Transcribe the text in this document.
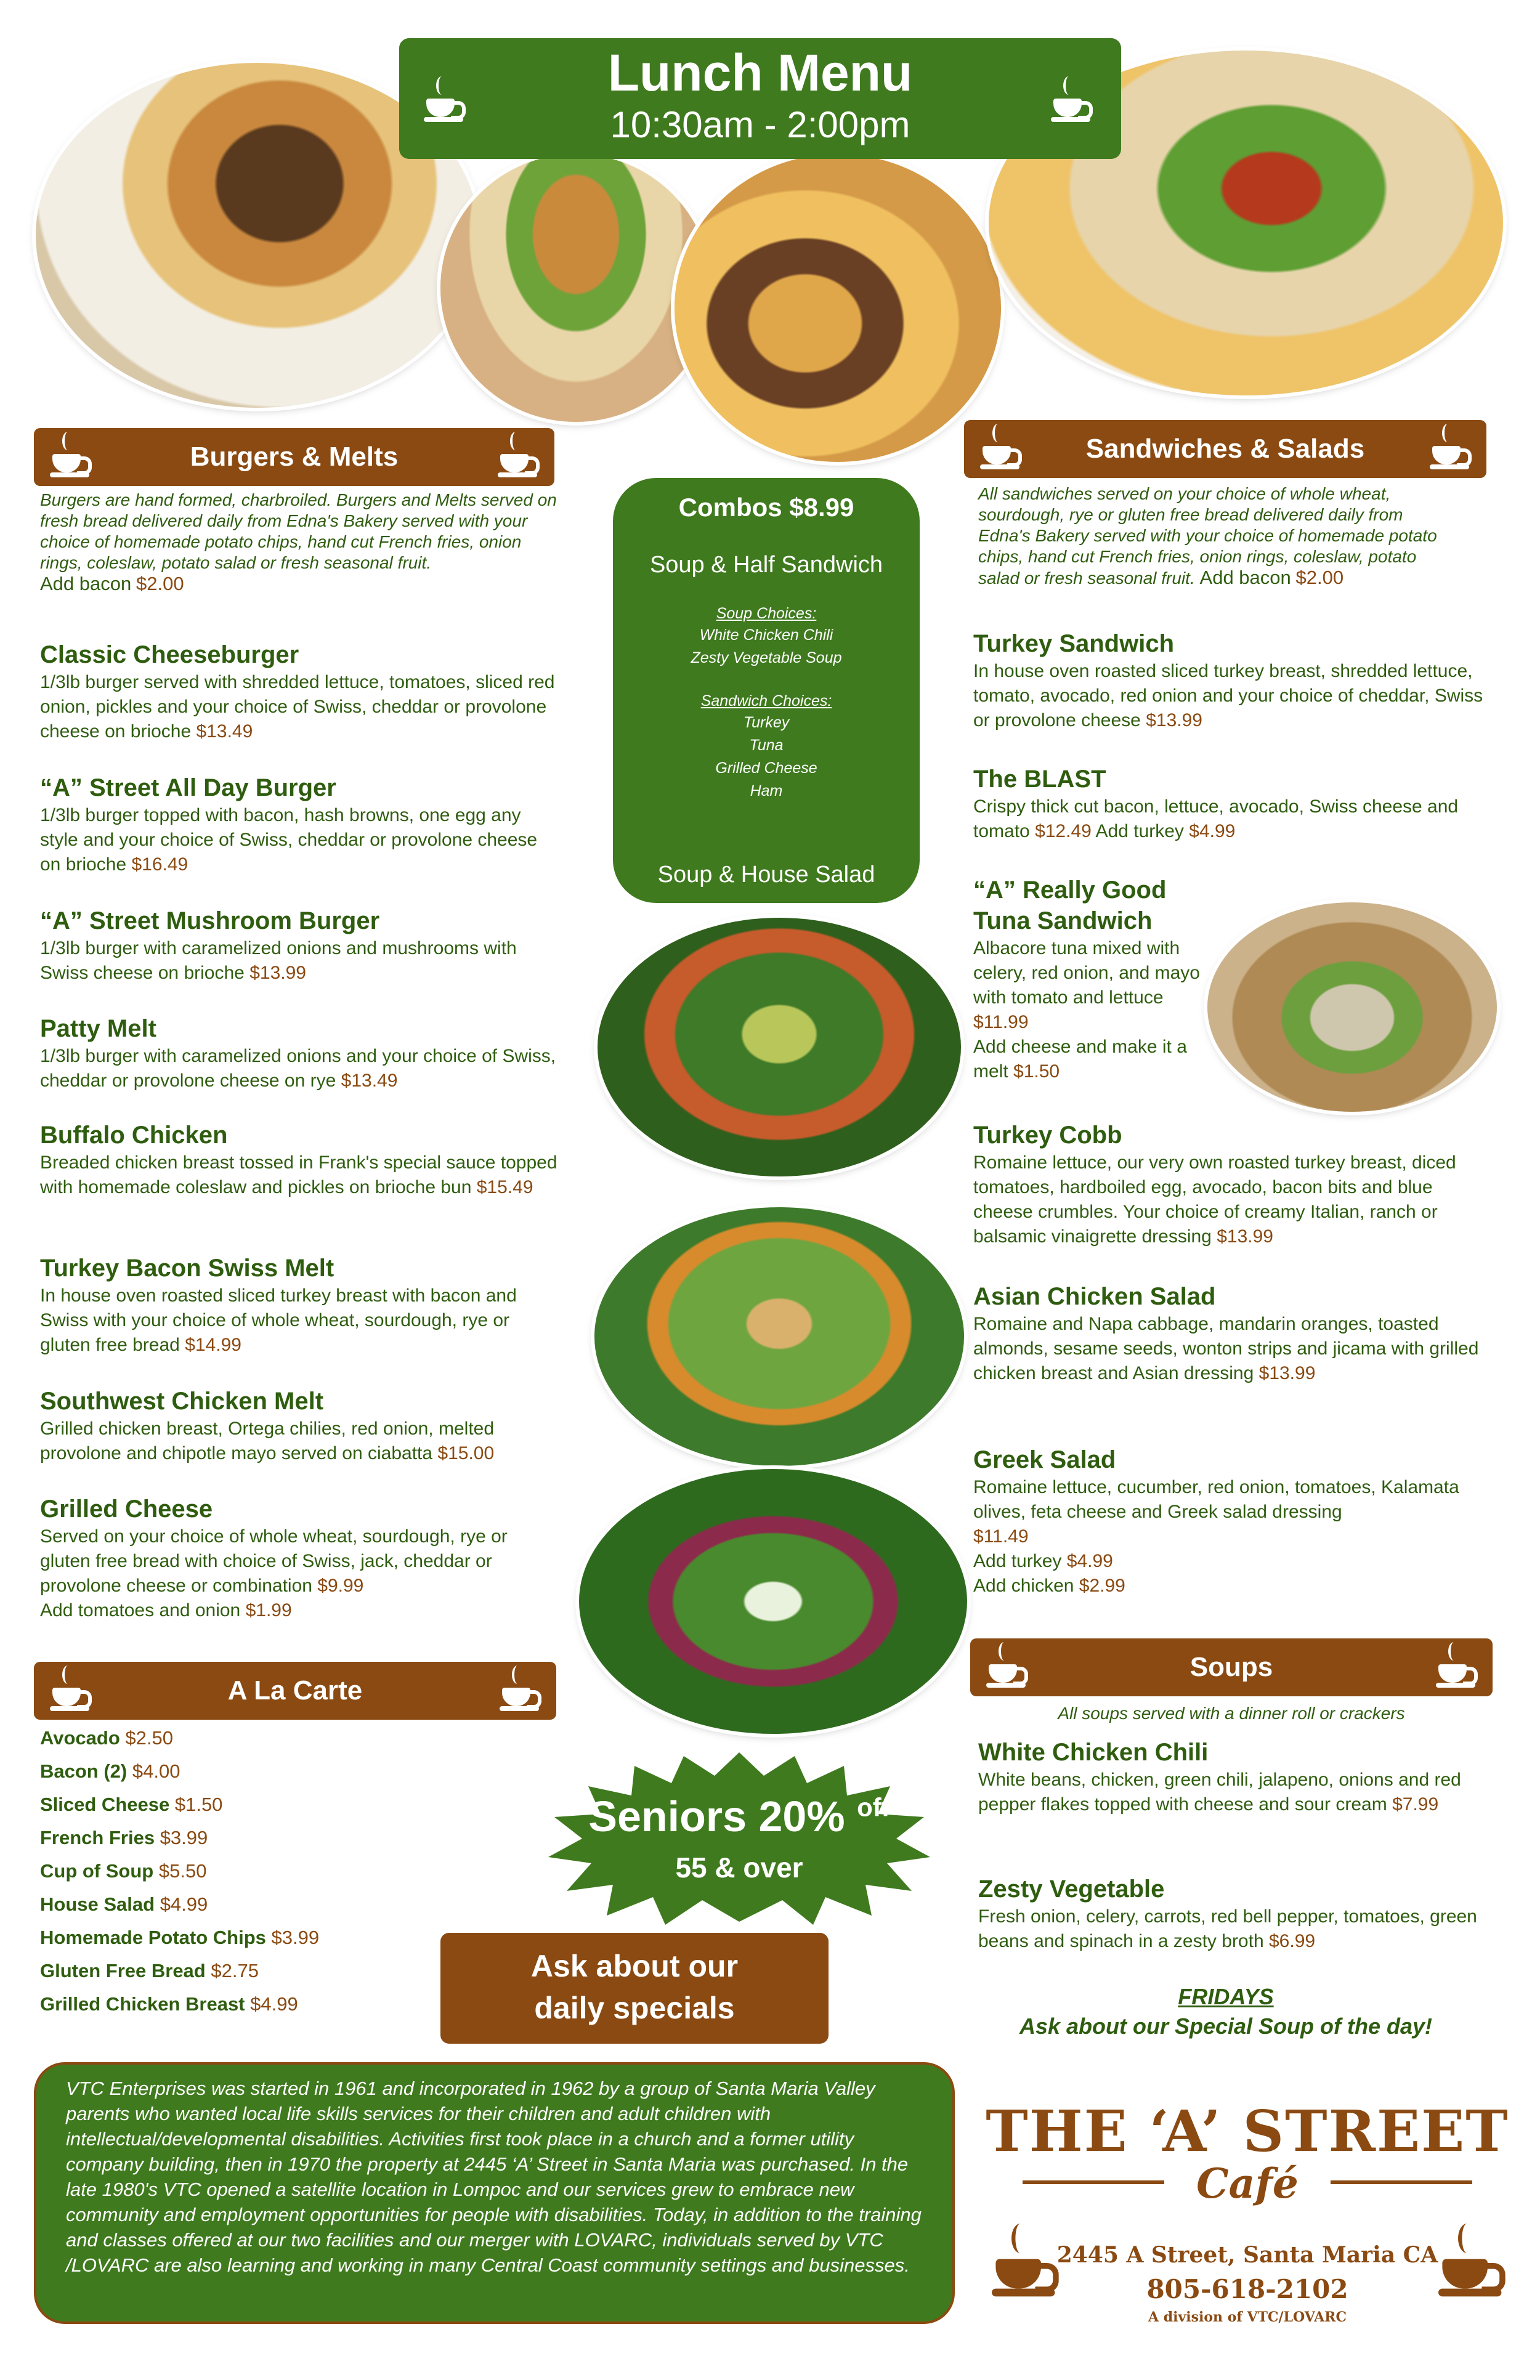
Lunch Menu
10:30am - 2:00pm
Burgers & Melts
Burgers are hand formed, charbroiled. Burgers and Melts served on fresh bread delivered daily from Edna's Bakery served with your choice of homemade potato chips, hand cut French fries, onion rings, coleslaw, potato salad or fresh seasonal fruit.
Add bacon $2.00
Classic Cheeseburger
1/3lb burger served with shredded lettuce, tomatoes, sliced red onion, pickles and your choice of Swiss, cheddar or provolone cheese on brioche $13.49
“A” Street All Day Burger
1/3lb burger topped with bacon, hash browns, one egg any style and your choice of Swiss, cheddar or provolone cheese on brioche $16.49
“A” Street Mushroom Burger
1/3lb burger with caramelized onions and mushrooms with Swiss cheese on brioche $13.99
Patty Melt
1/3lb burger with caramelized onions and your choice of Swiss, cheddar or provolone cheese on rye $13.49
Buffalo Chicken
Breaded chicken breast tossed in Frank's special sauce topped with homemade coleslaw and pickles on brioche bun $15.49
Turkey Bacon Swiss Melt
In house oven roasted sliced turkey breast with bacon and Swiss with your choice of whole wheat, sourdough, rye or gluten free bread $14.99
Southwest Chicken Melt
Grilled chicken breast, Ortega chilies, red onion, melted provolone and chipotle mayo served on ciabatta $15.00
Grilled Cheese
Served on your choice of whole wheat, sourdough, rye or gluten free bread with choice of Swiss, jack, cheddar or provolone cheese or combination $9.99
Add tomatoes and onion $1.99
Combos $8.99
Soup & Half Sandwich
Soup Choices:
White Chicken Chili
Zesty Vegetable Soup
Sandwich Choices:
Turkey
Tuna
Grilled Cheese
Ham
Soup & House Salad
Sandwiches & Salads
All sandwiches served on your choice of whole wheat, sourdough, rye or gluten free bread delivered daily from Edna's Bakery served with your choice of homemade potato chips, hand cut French fries, onion rings, coleslaw, potato salad or fresh seasonal fruit. Add bacon $2.00
Turkey Sandwich
In house oven roasted sliced turkey breast, shredded lettuce, tomato, avocado, red onion and your choice of cheddar, Swiss or provolone cheese $13.99
The BLAST
Crispy thick cut bacon, lettuce, avocado, Swiss cheese and tomato $12.49 Add turkey $4.99
“A” Really Good
Tuna Sandwich
Albacore tuna mixed with celery, red onion, and mayo with tomato and lettuce $11.99
Add cheese and make it a melt $1.50
Turkey Cobb
Romaine lettuce, our very own roasted turkey breast, diced tomatoes, hardboiled egg, avocado, bacon bits and blue cheese crumbles. Your choice of creamy Italian, ranch or balsamic vinaigrette dressing $13.99
Asian Chicken Salad
Romaine and Napa cabbage, mandarin oranges, toasted almonds, sesame seeds, wonton strips and jicama with grilled chicken breast and Asian dressing $13.99
Greek Salad
Romaine lettuce, cucumber, red onion, tomatoes, Kalamata olives, feta cheese and Greek salad dressing
$11.49
Add turkey $4.99
Add chicken $2.99
Soups
All soups served with a dinner roll or crackers
White Chicken Chili
White beans, chicken, green chili, jalapeno, onions and red pepper flakes topped with cheese and sour cream $7.99
Zesty Vegetable
Fresh onion, celery, carrots, red bell pepper, tomatoes, green beans and spinach in a zesty broth $6.99
FRIDAYS
Ask about our Special Soup of the day!
A La Carte
Avocado $2.50
Bacon (2) $4.00
Sliced Cheese $1.50
French Fries $3.99
Cup of Soup $5.50
House Salad $4.99
Homemade Potato Chips $3.99
Gluten Free Bread $2.75
Grilled Chicken Breast $4.99
Seniors 20% $^{off}$
55 & over
Ask about our
daily specials
VTC Enterprises was started in 1961 and incorporated in 1962 by a group of Santa Maria Valley parents who wanted local life skills services for their children and adult children with intellectual/developmental disabilities. Activities first took place in a church and a former utility company building, then in 1970 the property at 2445 ‘A’ Street in Santa Maria was purchased. In the late 1980's VTC opened a satellite location in Lompoc and our services grew to embrace new community and employment opportunities for people with disabilities. Today, in addition to the training and classes offered at our two facilities and our merger with LOVARC, individuals served by VTC /LOVARC are also learning and working in many Central Coast community settings and businesses.
THE ‘A’ STREET
Café
2445 A Street, Santa Maria CA
805-618-2102
A division of VTC/LOVARC
